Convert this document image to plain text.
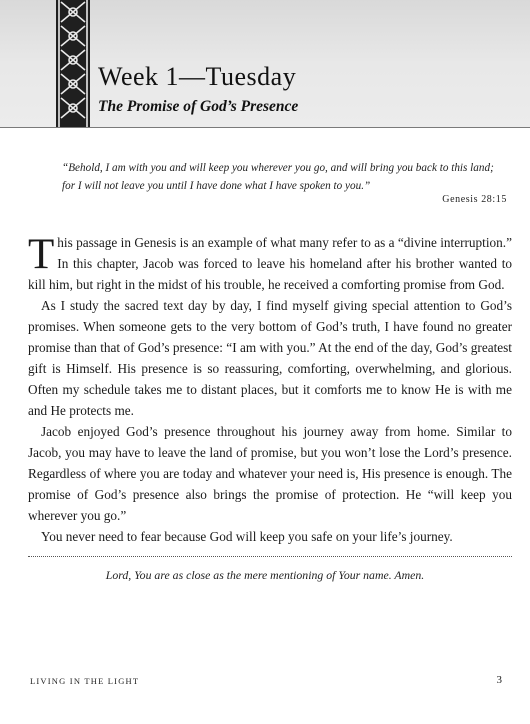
Week 1—Tuesday
The Promise of God’s Presence

“Behold, I am with you and will keep you wherever you go, and will bring you back to this land; for I will not leave you until I have done what I have spoken to you.”

Genesis 28:15

This passage in Genesis is an example of what many refer to as a “divine interruption.” In this chapter, Jacob was forced to leave his homeland after his brother wanted to kill him, but right in the midst of his trouble, he received a comforting promise from God.

As I study the sacred text day by day, I find myself giving special attention to God’s promises. When someone gets to the very bottom of God’s truth, I have found no greater promise than that of God’s presence: “I am with you.” At the end of the day, God’s greatest gift is Himself. His presence is so reassuring, comforting, overwhelming, and glorious. Often my schedule takes me to distant places, but it comforts me to know He is with me and He protects me.

Jacob enjoyed God’s presence throughout his journey away from home. Similar to Jacob, you may have to leave the land of promise, but you won’t lose the Lord’s presence. Regardless of where you are today and whatever your need is, His presence is enough. The promise of God’s presence also brings the promise of protection. He “will keep you wherever you go.”

You never need to fear because God will keep you safe on your life’s journey.

Lord, You are as close as the mere mentioning of Your name. Amen.

LIVING IN THE LIGHT	3
